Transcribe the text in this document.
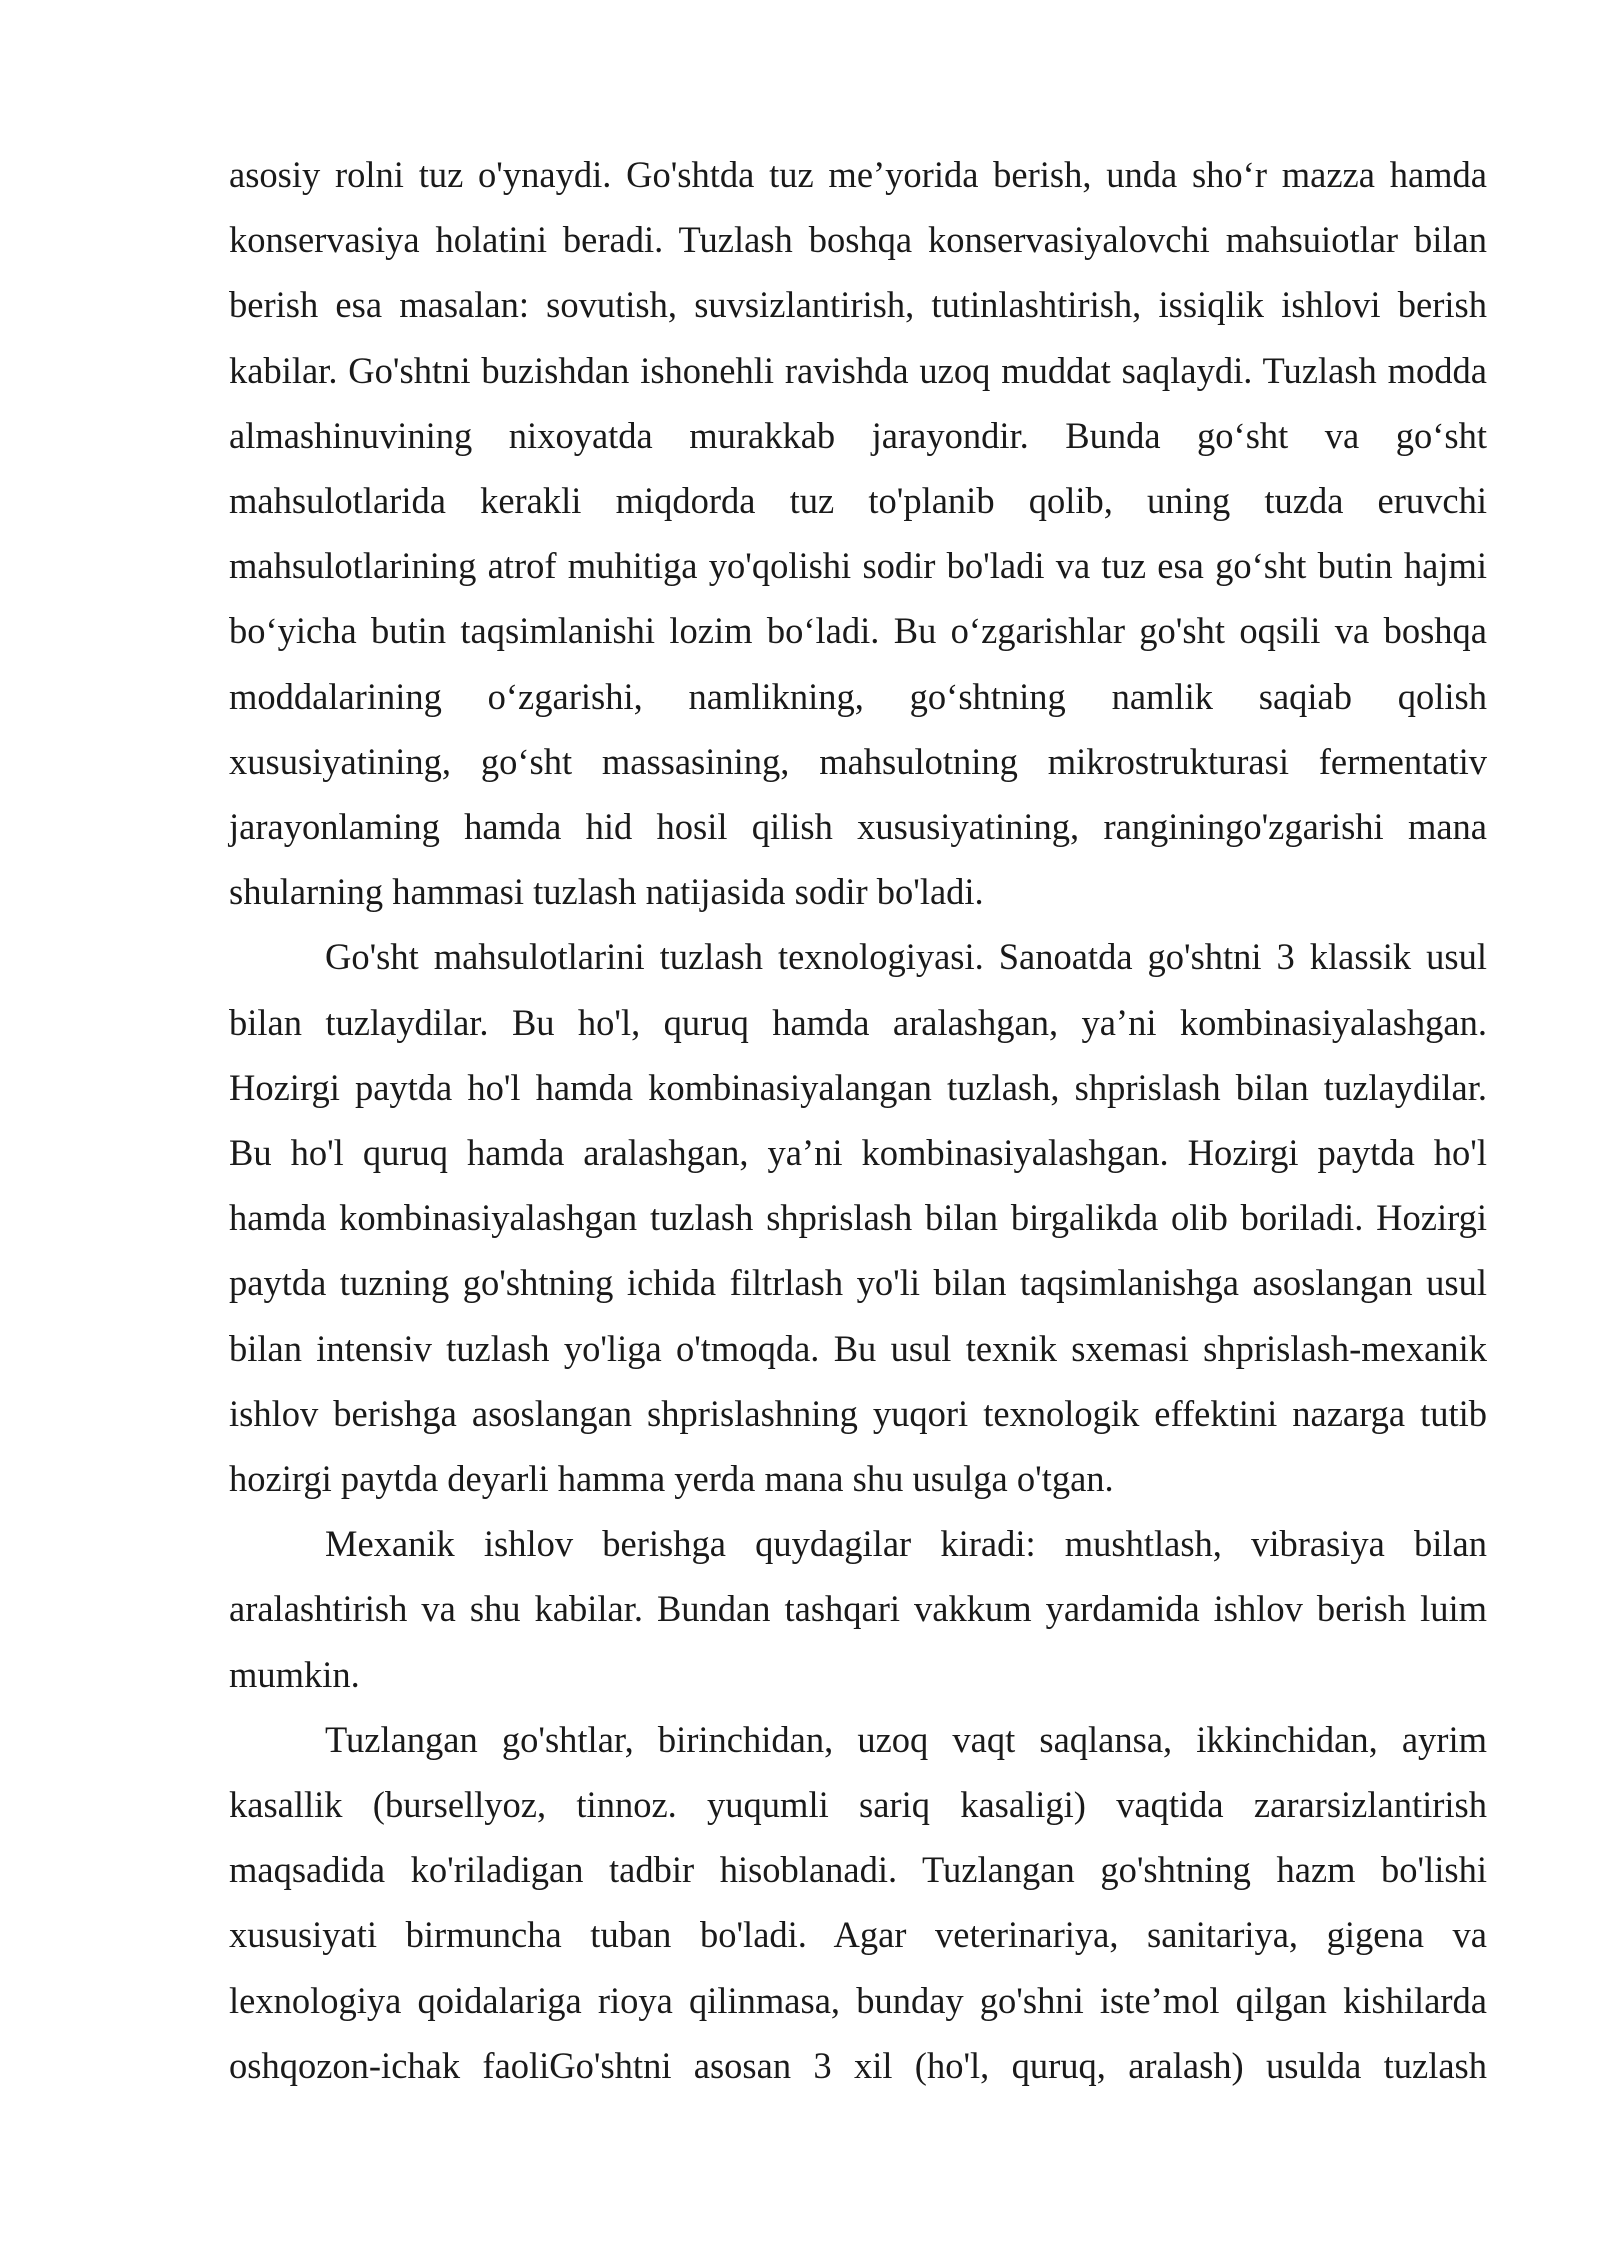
asosiy rolni tuz o'ynaydi. Go'shtda tuz me’yorida berish, unda sho‘r mazza hamda konservasiya holatini beradi. Tuzlash boshqa konservasiyalovchi mahsuiotlar bilan berish esa masalan: sovutish, suvsizlantirish, tutinlashtirish, issiqlik ishlovi berish kabilar. Go'shtni buzishdan ishonehli ravishda uzoq muddat saqlaydi. Tuzlash modda almashinuvining nixoyatda murakkab jarayondir. Bunda go‘sht va go‘sht mahsulotlarida kerakli miqdorda tuz to'planib qolib, uning tuzda eruvchi mahsulotlarining atrof muhitiga yo'qolishi sodir bo'ladi va tuz esa go‘sht butin hajmi bo‘yicha butin taqsimlanishi lozim bo‘ladi. Bu o‘zgarishlar go'sht oqsili va boshqa moddalarining o‘zgarishi, namlikning, go‘shtning namlik saqiab qolish xususiyatining, go‘sht massasining, mahsulotning mikrostrukturasi fermentativ jarayonlaming hamda hid hosil qilish xususiyatining, ranginingo'zgarishi mana shularning hammasi tuzlash natijasida sodir bo'ladi.

Go'sht mahsulotlarini tuzlash texnologiyasi. Sanoatda go'shtni 3 klassik usul bilan tuzlaydilar. Bu ho'l, quruq hamda aralashgan, ya’ni kombinasiyalashgan. Hozirgi paytda ho'l hamda kombinasiyalangan tuzlash, shprislash bilan tuzlaydilar. Bu ho'l quruq hamda aralashgan, ya’ni kombinasiyalashgan. Hozirgi paytda ho'l hamda kombinasiyalashgan tuzlash shprislash bilan birgalikda olib boriladi. Hozirgi paytda tuzning go'shtning ichida filtrlash yo'li bilan taqsimlanishga asoslangan usul bilan intensiv tuzlash yo'liga o'tmoqda. Bu usul texnik sxemasi shprislash-mexanik ishlov berishga asoslangan shprislashning yuqori texnologik effektini nazarga tutib hozirgi paytda deyarli hamma yerda mana shu usulga o'tgan.

Mexanik ishlov berishga quydagilar kiradi: mushtlash, vibrasiya bilan aralashtirish va shu kabilar. Bundan tashqari vakkum yardamida ishlov berish luim mumkin.

Tuzlangan go'shtlar, birinchidan, uzoq vaqt saqlansa, ikkinchidan, ayrim kasallik (bursellyoz, tinnoz. yuqumli sariq kasaligi) vaqtida zararsizlantirish maqsadida ko'riladigan tadbir hisoblanadi. Tuzlangan go'shtning hazm bo'lishi xususiyati birmuncha tuban bo'ladi. Agar veterinariya, sanitariya, gigena va lexnologiya qoidalariga rioya qilinmasa, bunday go'shni iste’mol qilgan kishilarda oshqozon-ichak faoliGo'shtni asosan 3 xil (ho'l, quruq, aralash) usulda tuzlash
